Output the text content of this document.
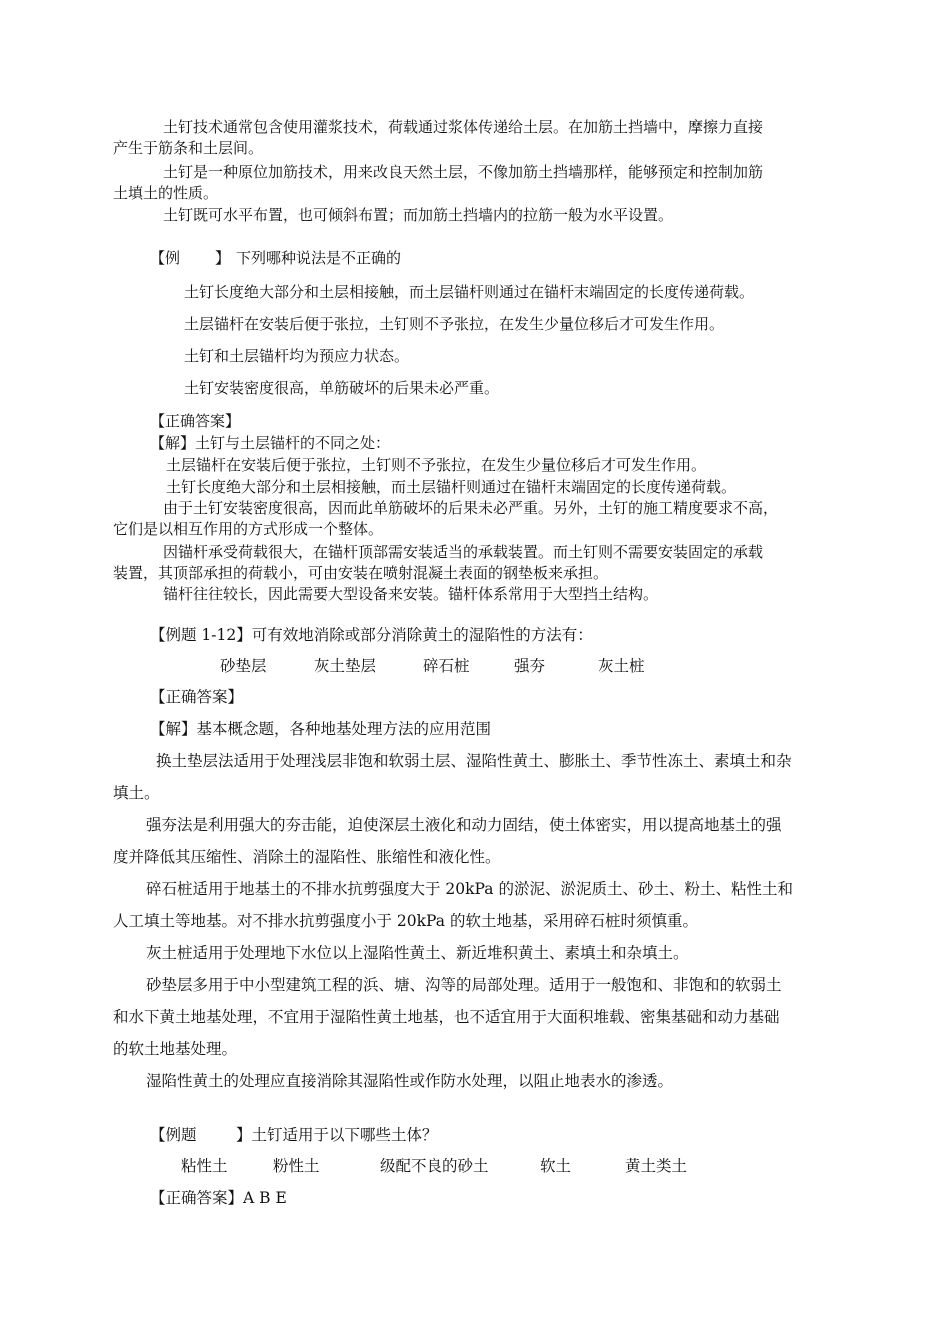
土钉技术通常包含使用灌浆技术，荷载通过浆体传递给土层。在加筋土挡墙中，摩擦力直接
产生于筋条和土层间。
土钉是一种原位加筋技术，用来改良天然土层，不像加筋土挡墙那样，能够预定和控制加筋
土填土的性质。
土钉既可水平布置，也可倾斜布置；而加筋土挡墙内的拉筋一般为水平设置。
【例 】 下列哪种说法是不正确的
土钉长度绝大部分和土层相接触，而土层锚杆则通过在锚杆末端固定的长度传递荷载。
土层锚杆在安装后便于张拉，土钉则不予张拉，在发生少量位移后才可发生作用。
土钉和土层锚杆均为预应力状态。
土钉安装密度很高，单筋破坏的后果未必严重。
【正确答案】
【解】土钉与土层锚杆的不同之处：
土层锚杆在安装后便于张拉，土钉则不予张拉，在发生少量位移后才可发生作用。
土钉长度绝大部分和土层相接触，而土层锚杆则通过在锚杆末端固定的长度传递荷载。
由于土钉安装密度很高，因而此单筋破坏的后果未必严重。另外，土钉的施工精度要求不高，
它们是以相互作用的方式形成一个整体。
因锚杆承受荷载很大，在锚杆顶部需安装适当的承载装置。而土钉则不需要安装固定的承载
装置，其顶部承担的荷载小，可由安装在喷射混凝土表面的钢垫板来承担。
锚杆往往较长，因此需要大型设备来安装。锚杆体系常用于大型挡土结构。
【例题 1-12】可有效地消除或部分消除黄土的湿陷性的方法有：
砂垫层	灰土垫层	碎石桩	强夯	灰土桩
【正确答案】
【解】基本概念题，各种地基处理方法的应用范围
换土垫层法适用于处理浅层非饱和软弱土层、湿陷性黄土、膨胀土、季节性冻土、素填土和杂
填土。
强夯法是利用强大的夯击能，迫使深层土液化和动力固结，使土体密实，用以提高地基土的强
度并降低其压缩性、消除土的湿陷性、胀缩性和液化性。
碎石桩适用于地基土的不排水抗剪强度大于 20kPa 的淤泥、淤泥质土、砂土、粉土、粘性土和
人工填土等地基。对不排水抗剪强度小于 20kPa 的软土地基，采用碎石桩时须慎重。
灰土桩适用于处理地下水位以上湿陷性黄土、新近堆积黄土、素填土和杂填土。
砂垫层多用于中小型建筑工程的浜、塘、沟等的局部处理。适用于一般饱和、非饱和的软弱土
和水下黄土地基处理，不宜用于湿陷性黄土地基，也不适宜用于大面积堆载、密集基础和动力基础
的软土地基处理。
湿陷性黄土的处理应直接消除其湿陷性或作防水处理，以阻止地表水的渗透。
【例题	】土钉适用于以下哪些土体？
粘性土	粉性土	级配不良的砂土	软土	黄土类土
【正确答案】A B E
